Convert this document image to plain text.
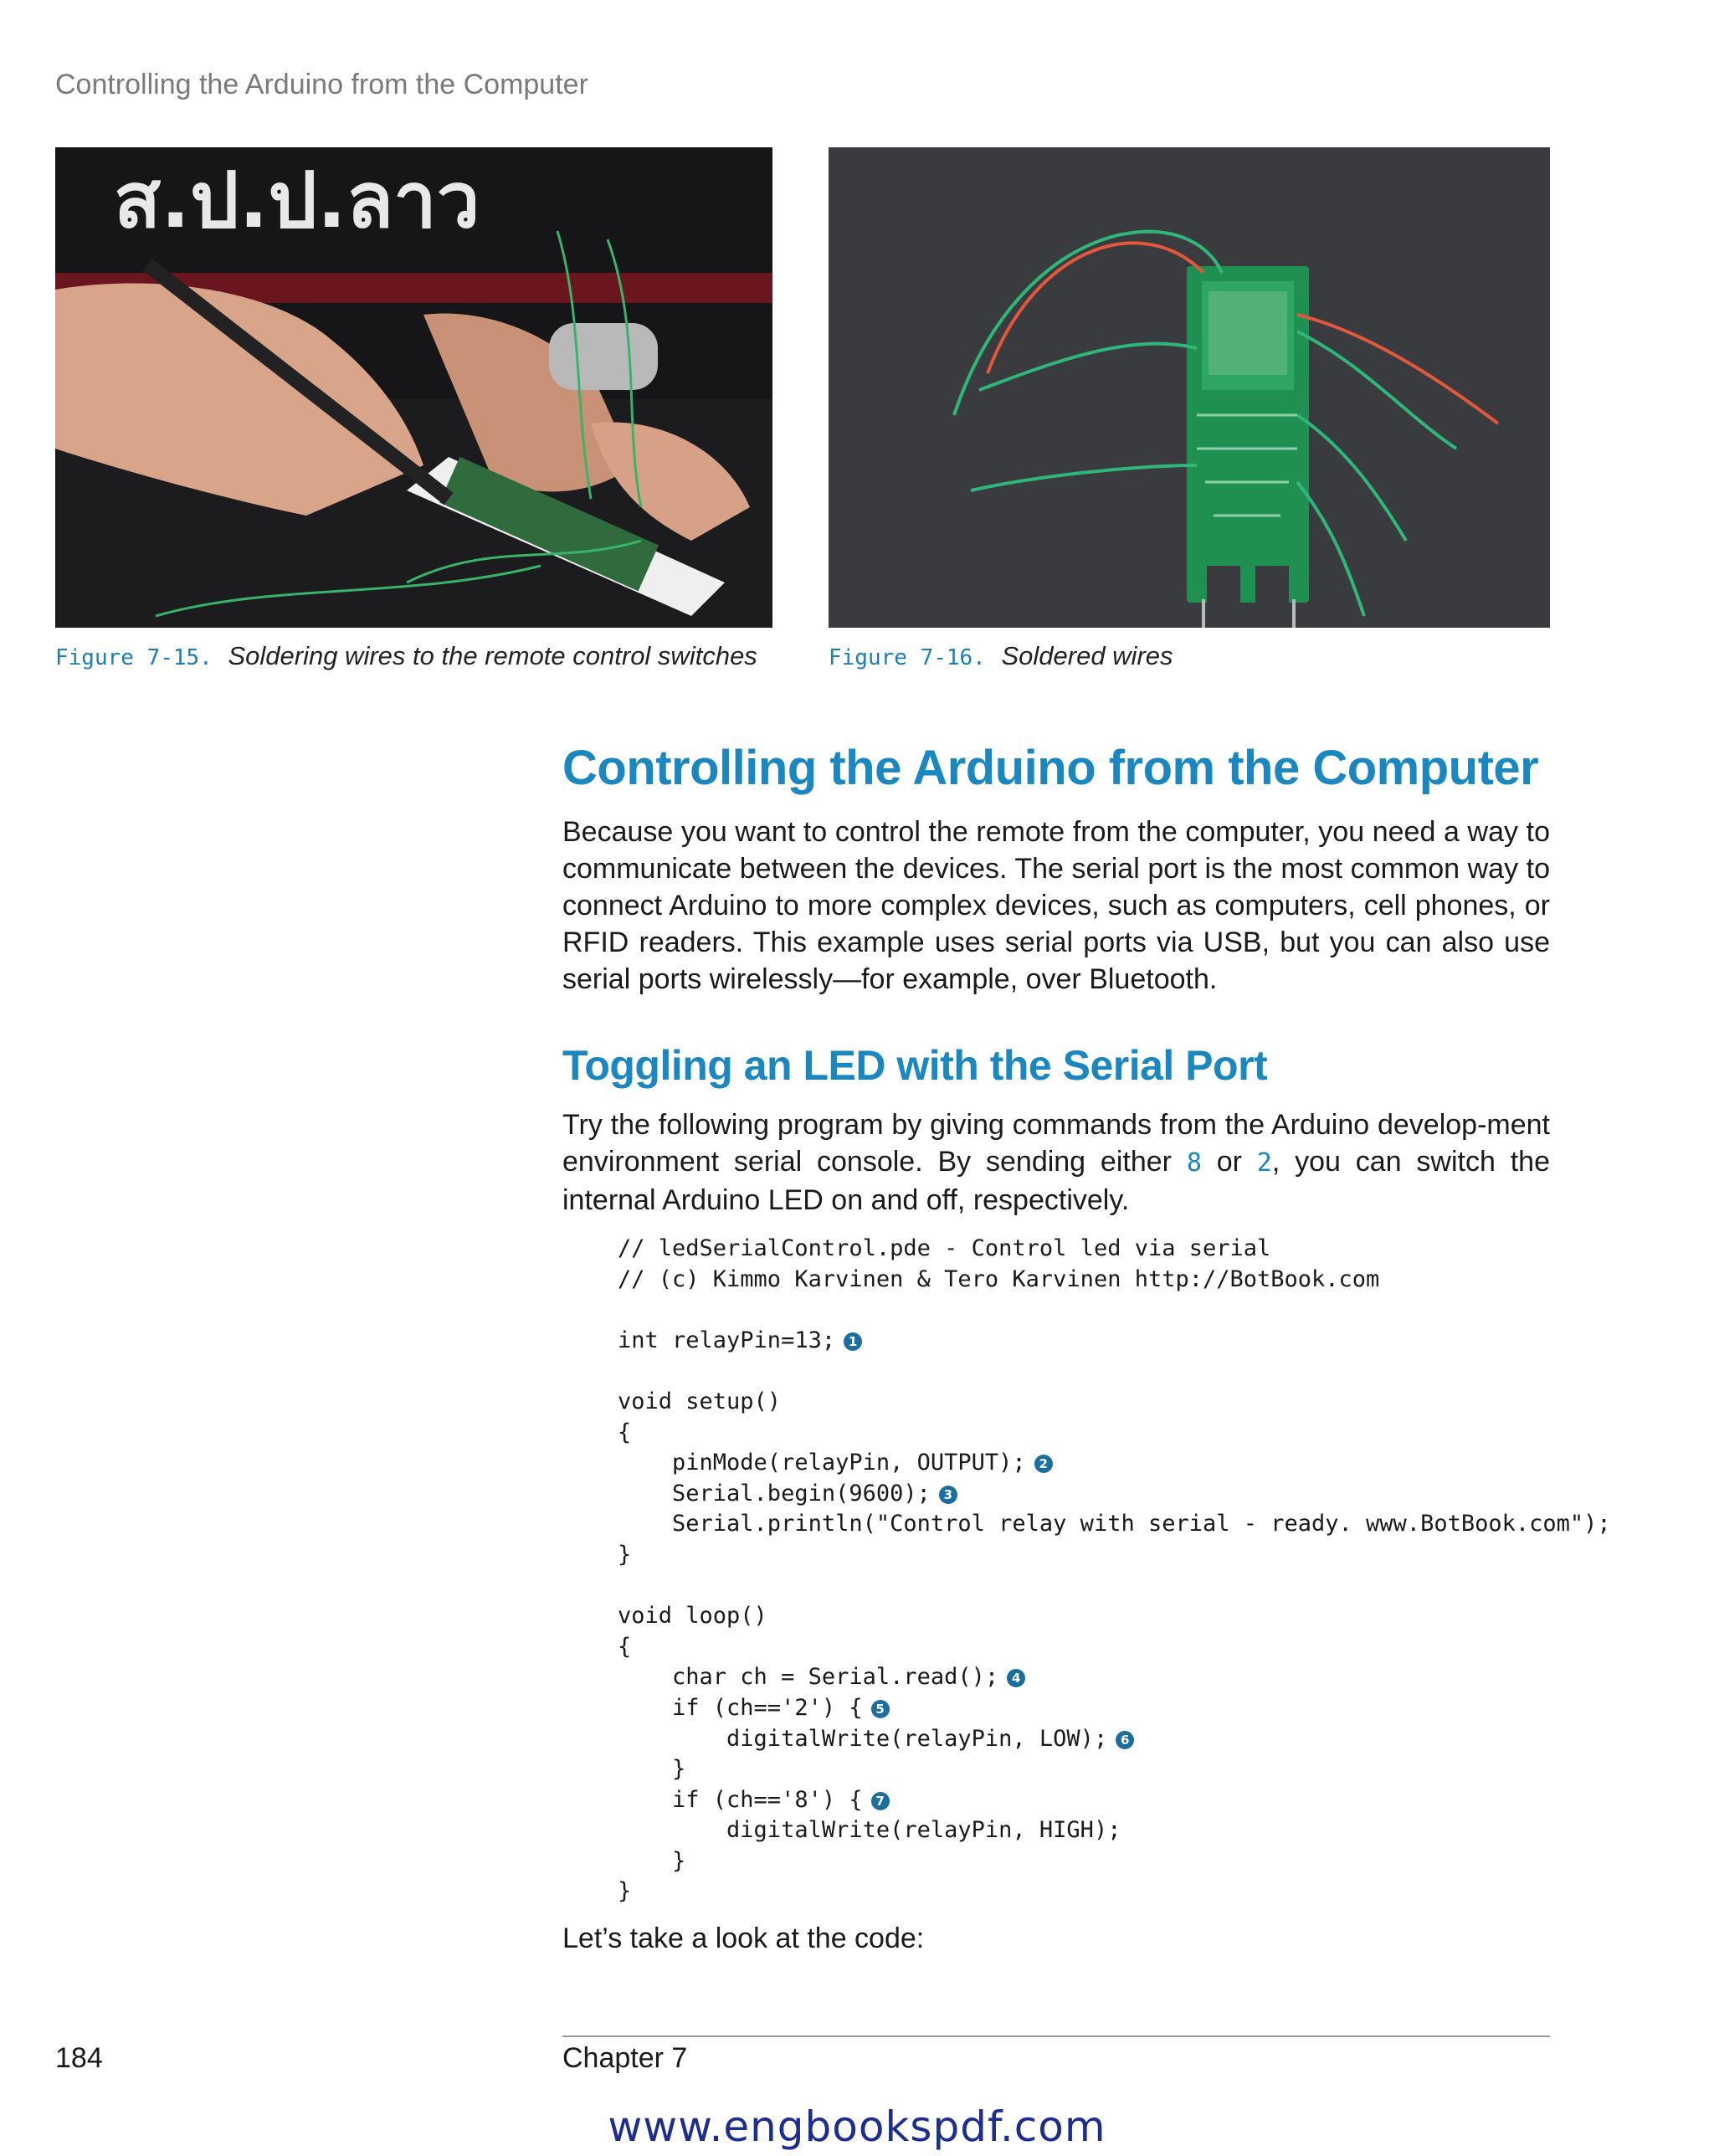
Controlling the Arduino from the Computer
ส.ป.ป.ลาว
Figure 7-15. Soldering wires to the remote control switches	Figure 7-16. Soldered wires
Controlling the Arduino from the Computer
Because you want to control the remote from the computer, you need a way to communicate between the devices. The serial port is the most common way to connect Arduino to more complex devices, such as computers, cell phones, or RFID readers. This example uses serial ports via USB, but you can also use serial ports wirelessly—for example, over Bluetooth.
Toggling an LED with the Serial Port
Try the following program by giving commands from the Arduino develop-ment environment serial console. By sending either 8 or 2, you can switch the internal Arduino LED on and off, respectively.
// ledSerialControl.pde - Control led via serial
// (c) Kimmo Karvinen & Tero Karvinen http://BotBook.com

int relayPin=13; 1

void setup()
{
pinMode(relayPin, OUTPUT); 2
Serial.begin(9600); 3
Serial.println("Control relay with serial - ready. www.BotBook.com");
}

void loop()
{
char ch = Serial.read(); 4
if (ch=='2') { 5
digitalWrite(relayPin, LOW); 6
}
if (ch=='8') { 7
digitalWrite(relayPin, HIGH);
}
}
Let’s take a look at the code:
184	Chapter 7
www.engbookspdf.com
